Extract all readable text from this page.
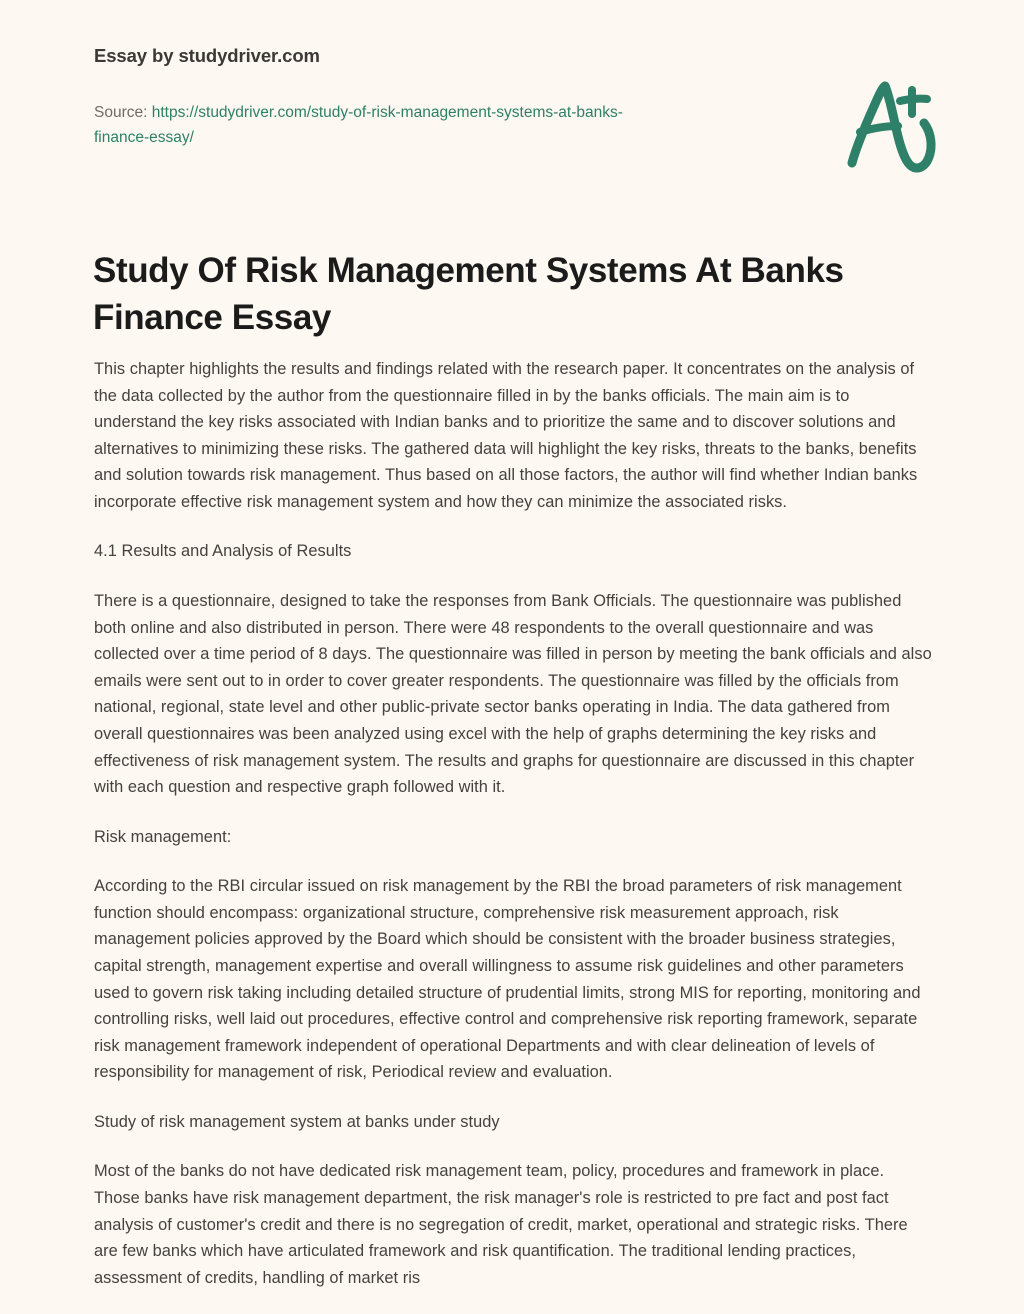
Essay by studydriver.com
Source: https://studydriver.com/study-of-risk-management-systems-at-banks-finance-essay/
Study Of Risk Management Systems At Banks Finance Essay

This chapter highlights the results and findings related with the research paper. It concentrates on the analysis of the data collected by the author from the questionnaire filled in by the banks officials. The main aim is to understand the key risks associated with Indian banks and to prioritize the same and to discover solutions and alternatives to minimizing these risks. The gathered data will highlight the key risks, threats to the banks, benefits and solution towards risk management. Thus based on all those factors, the author will find whether Indian banks incorporate effective risk management system and how they can minimize the associated risks.

4.1 Results and Analysis of Results

There is a questionnaire, designed to take the responses from Bank Officials. The questionnaire was published both online and also distributed in person. There were 48 respondents to the overall questionnaire and was collected over a time period of 8 days. The questionnaire was filled in person by meeting the bank officials and also emails were sent out to in order to cover greater respondents. The questionnaire was filled by the officials from national, regional, state level and other public-private sector banks operating in India. The data gathered from overall questionnaires was been analyzed using excel with the help of graphs determining the key risks and effectiveness of risk management system. The results and graphs for questionnaire are discussed in this chapter with each question and respective graph followed with it.

Risk management:

According to the RBI circular issued on risk management by the RBI the broad parameters of risk management function should encompass: organizational structure, comprehensive risk measurement approach, risk management policies approved by the Board which should be consistent with the broader business strategies, capital strength, management expertise and overall willingness to assume risk guidelines and other parameters used to govern risk taking including detailed structure of prudential limits, strong MIS for reporting, monitoring and controlling risks, well laid out procedures, effective control and comprehensive risk reporting framework, separate risk management framework independent of operational Departments and with clear delineation of levels of responsibility for management of risk, Periodical review and evaluation.

Study of risk management system at banks under study

Most of the banks do not have dedicated risk management team, policy, procedures and framework in place. Those banks have risk management department, the risk manager's role is restricted to pre fact and post fact analysis of customer's credit and there is no segregation of credit, market, operational and strategic risks. There are few banks which have articulated framework and risk quantification. The traditional lending practices, assessment of credits, handling of market ris
